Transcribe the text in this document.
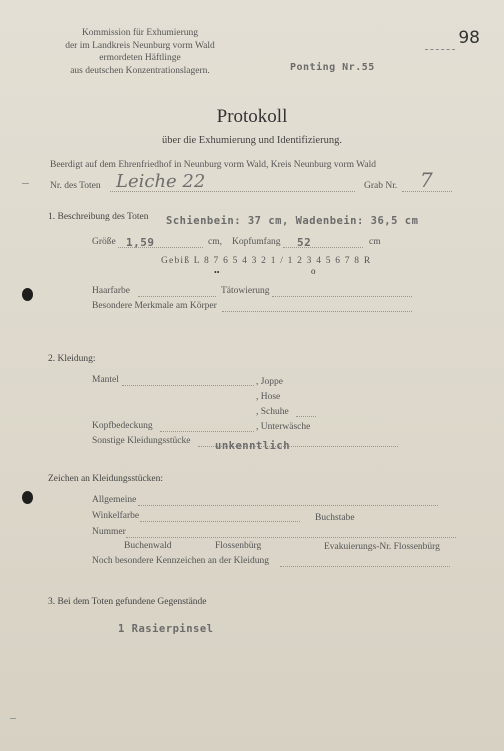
Kommission für Exhumierung
der im Landkreis Neunburg vorm Wald
ermordeten Häftlinge
aus deutschen Konzentrationslagern.
98
Ponting Nr.55
Protokoll
über die Exhumierung und Identifizierung.
Beerdigt auf dem Ehrenfriedhof in Neunburg vorm Wald, Kreis Neunburg vorm Wald
Nr. des Toten Leiche 22	Grab Nr. 7
1. Beschreibung des Toten Schienbein: 37 cm, Wadenbein: 36,5 cm
Größe 1,59	cm, Kopfumfang 52	cm
Gebiß L 8 7 6 5 4 3 2 1 / 1 2 3 4 5 6 7 8 R
••	o
Haarfarbe	Tätowierung
Besondere Merkmale am Körper
2. Kleidung:
Mantel	, Joppe
, Hose
, Schuhe
Kopfbedeckung	, Unterwäsche
Sonstige Kleidungsstücke unkenntlich
Zeichen an Kleidungsstücken:
Allgemeine
Winkelfarbe	Buchstabe
Nummer
Buchenwald	Flossenbürg	Evakuierungs-Nr. Flossenbürg
Noch besondere Kennzeichen an der Kleidung
3. Bei dem Toten gefundene Gegenstände
1 Rasierpinsel
